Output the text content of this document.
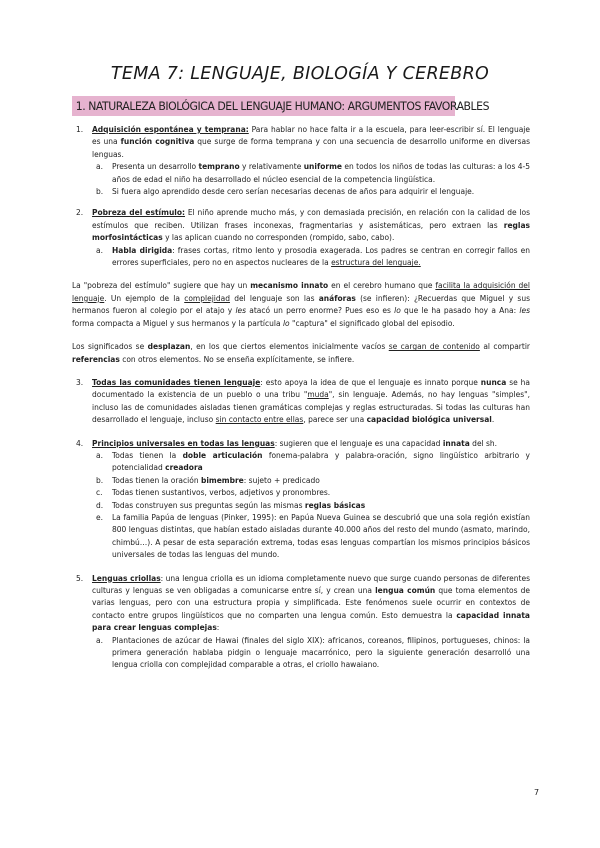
TEMA 7: LENGUAJE, BIOLOGÍA Y CEREBRO
1. NATURALEZA BIOLÓGICA DEL LENGUAJE HUMANO: ARGUMENTOS FAVORABLES
1. Adquisición espontánea y temprana: Para hablar no hace falta ir a la escuela, para leer-escribir sí. El lenguaje es una función cognitiva que surge de forma temprana y con una secuencia de desarrollo uniforme en diversas lenguas.
a. Presenta un desarrollo temprano y relativamente uniforme en todos los niños de todas las culturas: a los 4-5 años de edad el niño ha desarrollado el núcleo esencial de la competencia lingüística.
b. Si fuera algo aprendido desde cero serían necesarias decenas de años para adquirir el lenguaje.
2. Pobreza del estímulo: El niño aprende mucho más, y con demasiada precisión, en relación con la calidad de los estímulos que reciben. Utilizan frases inconexas, fragmentarias y asistemáticas, pero extraen las reglas morfosintácticas y las aplican cuando no corresponden (rompido, sabo, cabo).
a. Habla dirigida: frases cortas, ritmo lento y prosodia exagerada. Los padres se centran en corregir fallos en errores superficiales, pero no en aspectos nucleares de la estructura del lenguaje.

La "pobreza del estímulo" sugiere que hay un mecanismo innato en el cerebro humano que facilita la adquisición del lenguaje. Un ejemplo de la complejidad del lenguaje son las anáforas (se infieren): ¿Recuerdas que Miguel y sus hermanos fueron al colegio por el atajo y les atacó un perro enorme? Pues eso es lo que le ha pasado hoy a Ana: les forma compacta a Miguel y sus hermanos y la partícula lo "captura" el significado global del episodio.

Los significados se desplazan, en los que ciertos elementos inicialmente vacíos se cargan de contenido al compartir referencias con otros elementos. No se enseña explícitamente, se infiere.

3. Todas las comunidades tienen lenguaje: esto apoya la idea de que el lenguaje es innato porque nunca se ha documentado la existencia de un pueblo o una tribu "muda", sin lenguaje. Además, no hay lenguas "simples", incluso las de comunidades aisladas tienen gramáticas complejas y reglas estructuradas. Si todas las culturas han desarrollado el lenguaje, incluso sin contacto entre ellas, parece ser una capacidad biológica universal.
4. Principios universales en todas las lenguas: sugieren que el lenguaje es una capacidad innata del sh.
a. Todas tienen la doble articulación fonema-palabra y palabra-oración, signo lingüístico arbitrario y potencialidad creadora
b. Todas tienen la oración bimembre: sujeto + predicado
c. Todas tienen sustantivos, verbos, adjetivos y pronombres.
d. Todas construyen sus preguntas según las mismas reglas básicas
e. La familia Papúa de lenguas (Pinker, 1995): en Papúa Nueva Guinea se descubrió que una sola región existían 800 lenguas distintas, que habían estado aisladas durante 40.000 años del resto del mundo (asmato, marindo, chimbú…). A pesar de esta separación extrema, todas esas lenguas compartían los mismos principios básicos universales de todas las lenguas del mundo.
5. Lenguas criollas: una lengua criolla es un idioma completamente nuevo que surge cuando personas de diferentes culturas y lenguas se ven obligadas a comunicarse entre sí, y crean una lengua común que toma elementos de varias lenguas, pero con una estructura propia y simplificada. Este fenómenos suele ocurrir en contextos de contacto entre grupos lingüísticos que no comparten una lengua común. Esto demuestra la capacidad innata para crear lenguas complejas:
a. Plantaciones de azúcar de Hawai (finales del siglo XIX): africanos, coreanos, filipinos, portugueses, chinos: la primera generación hablaba pidgin o lenguaje macarrónico, pero la siguiente generación desarrolló una lengua criolla con complejidad comparable a otras, el criollo hawaiano.
7
